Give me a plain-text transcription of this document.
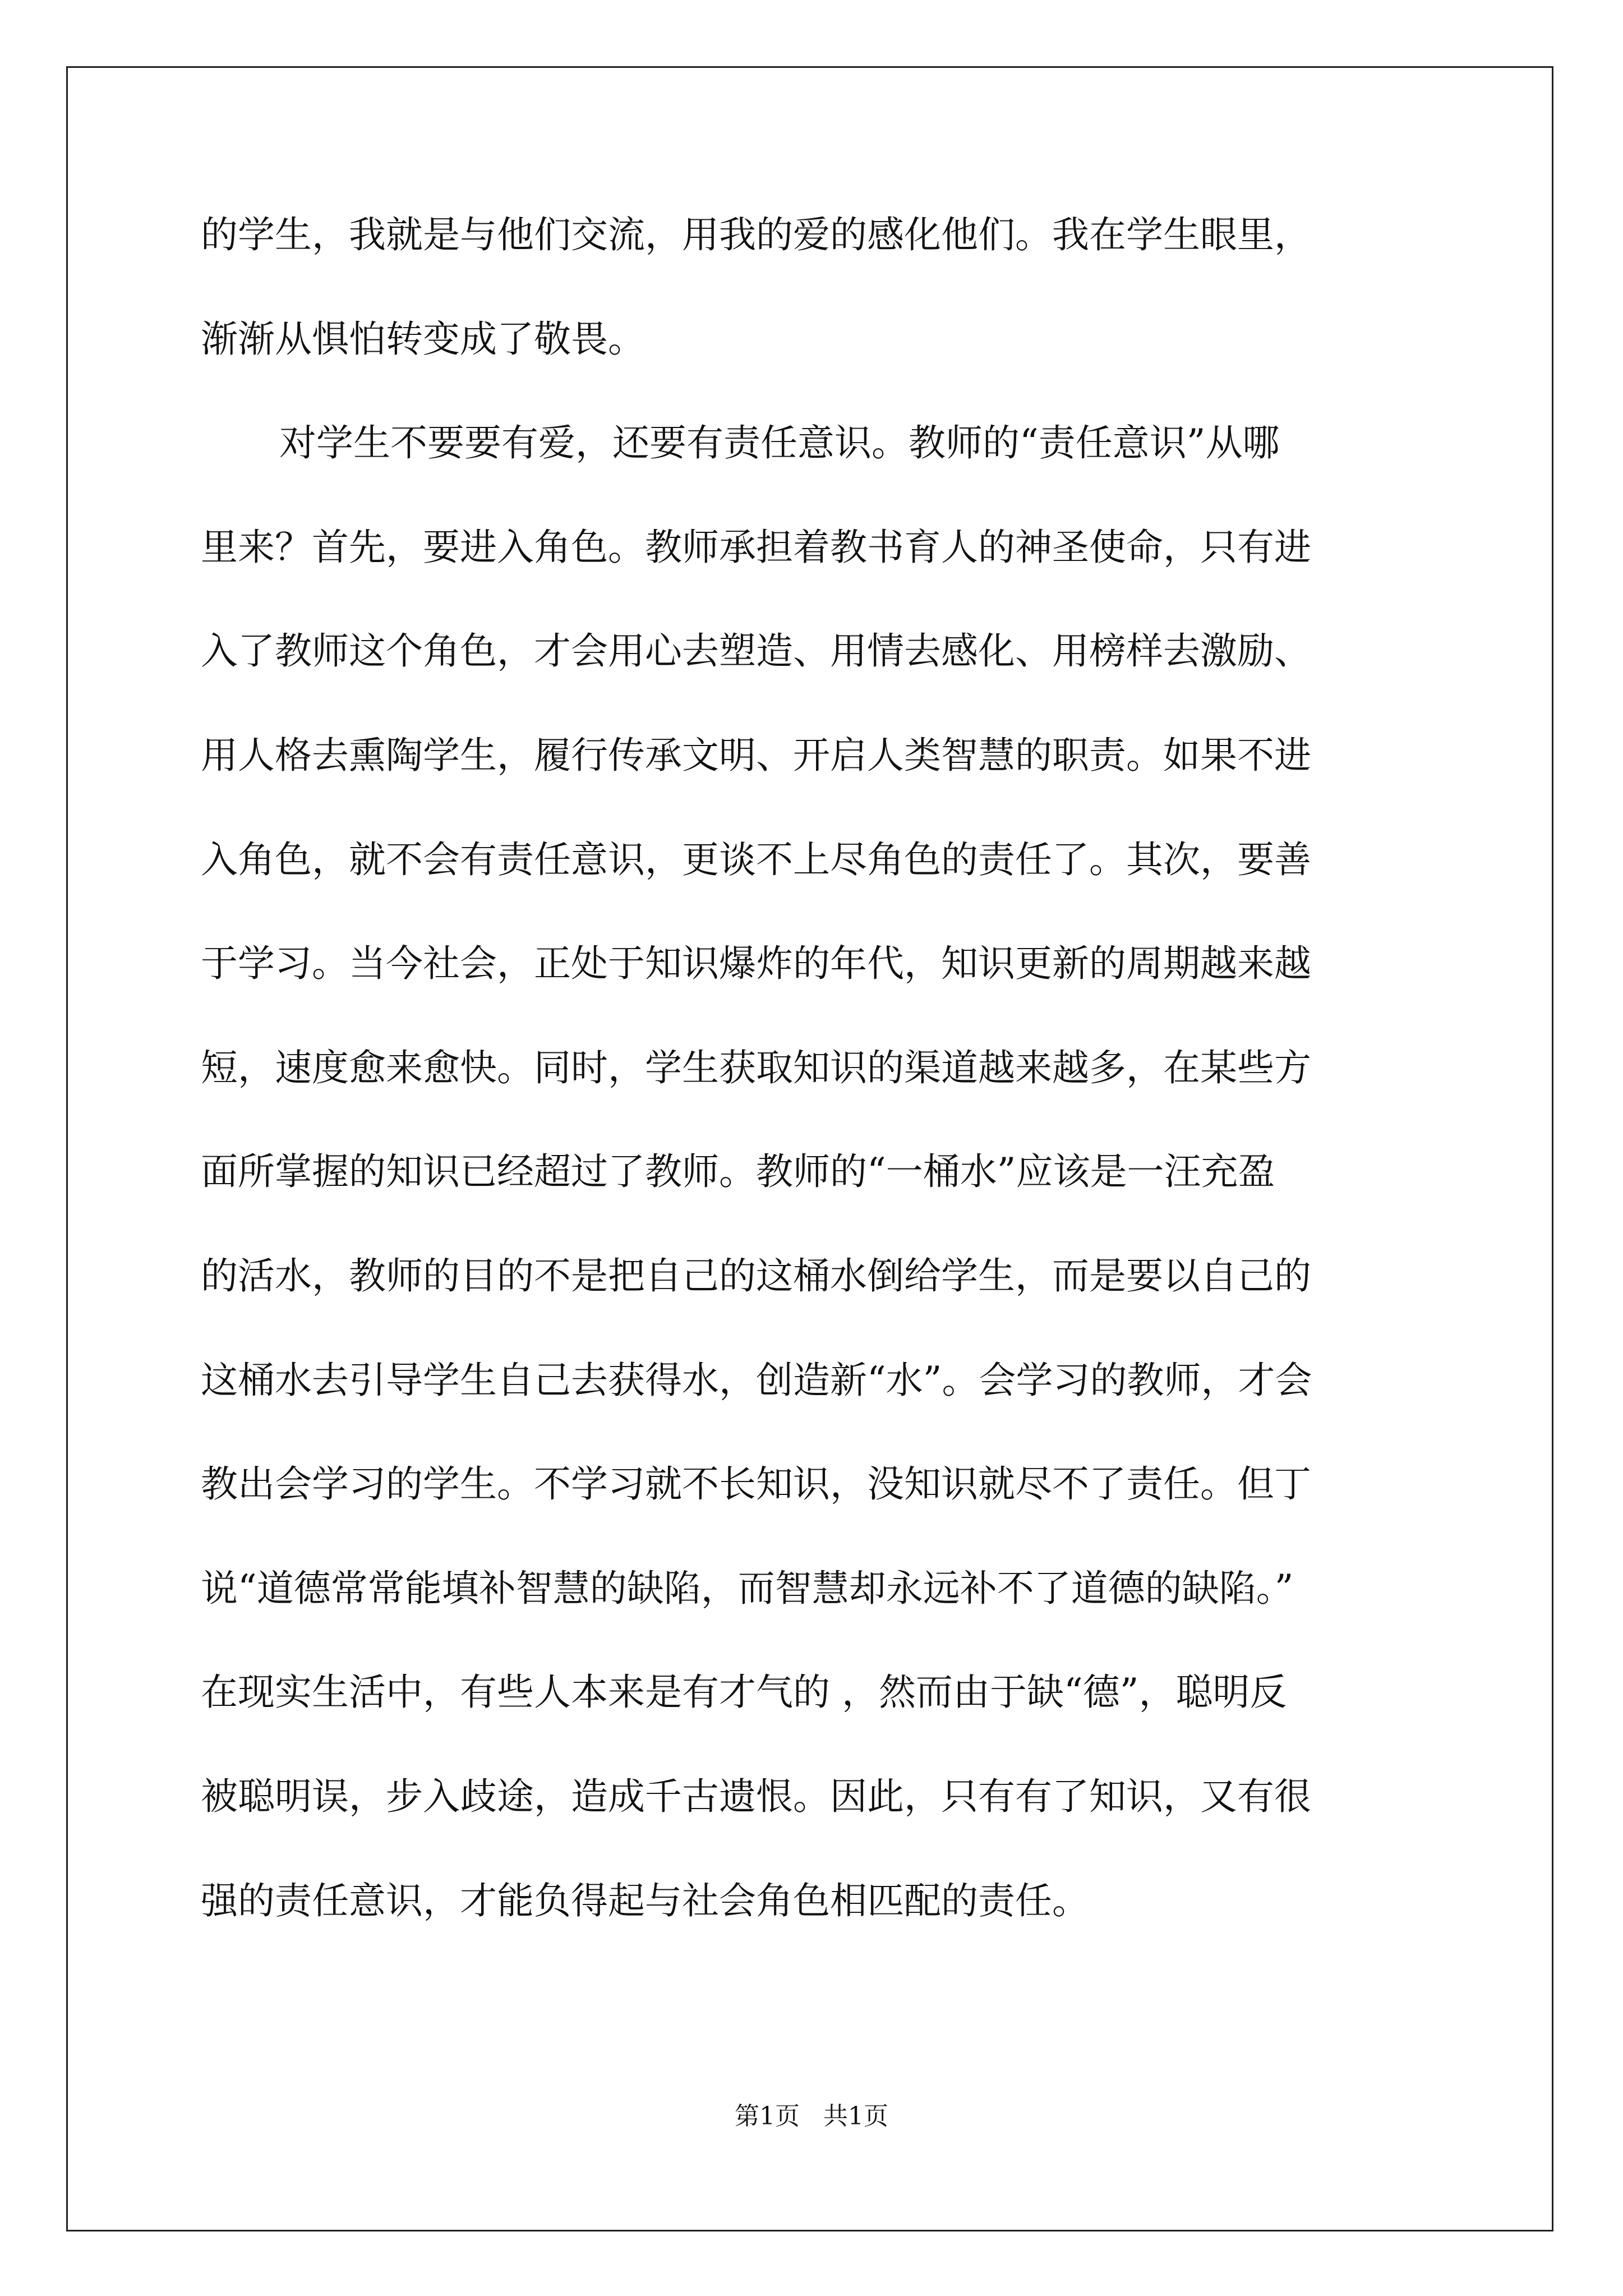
的学生，我就是与他们交流，用我的爱的感化他们。我在学生眼里，
渐渐从惧怕转变成了敬畏。
对学生不要要有爱，还要有责任意识。教师的“责任意识”从哪
里来？首先，要进入角色。教师承担着教书育人的神圣使命，只有进
入了教师这个角色，才会用心去塑造、用情去感化、用榜样去激励、
用人格去熏陶学生，履行传承文明、开启人类智慧的职责。如果不进
入角色，就不会有责任意识，更谈不上尽角色的责任了。其次，要善
于学习。当今社会，正处于知识爆炸的年代，知识更新的周期越来越
短，速度愈来愈快。同时，学生获取知识的渠道越来越多，在某些方
面所掌握的知识已经超过了教师。教师的“一桶水”应该是一汪充盈
的活水，教师的目的不是把自己的这桶水倒给学生，而是要以自己的
这桶水去引导学生自己去获得水，创造新“水”。会学习的教师，才会
教出会学习的学生。不学习就不长知识，没知识就尽不了责任。但丁
说“道德常常能填补智慧的缺陷，而智慧却永远补不了道德的缺陷。”
在现实生活中，有些人本来是有才气的 ，然而由于缺“德”，聪明反
被聪明误，步入歧途，造成千古遗恨。因此，只有有了知识，又有很
强的责任意识，才能负得起与社会角色相匹配的责任。
第1页   共1页
